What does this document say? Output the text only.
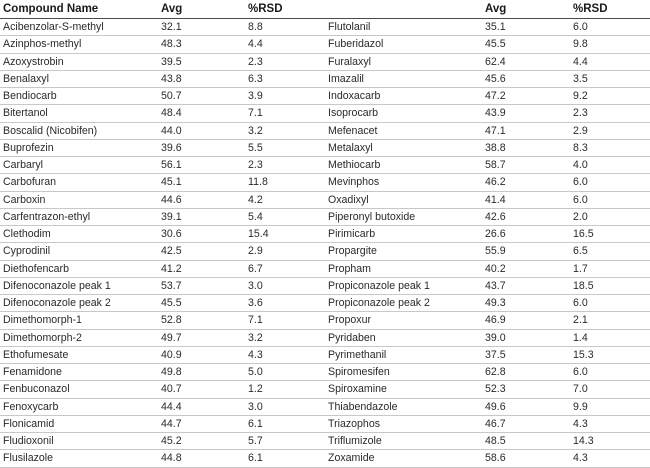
Compound Name	Avg	%RSD		Avg	%RSD
Acibenzolar-S-methyl	32.1	8.8	Flutolanil	35.1	6.0
Azinphos-methyl	48.3	4.4	Fuberidazol	45.5	9.8
Azoxystrobin	39.5	2.3	Furalaxyl	62.4	4.4
Benalaxyl	43.8	6.3	Imazalil	45.6	3.5
Bendiocarb	50.7	3.9	Indoxacarb	47.2	9.2
Bitertanol	48.4	7.1	Isoprocarb	43.9	2.3
Boscalid (Nicobifen)	44.0	3.2	Mefenacet	47.1	2.9
Buprofezin	39.6	5.5	Metalaxyl	38.8	8.3
Carbaryl	56.1	2.3	Methiocarb	58.7	4.0
Carbofuran	45.1	11.8	Mevinphos	46.2	6.0
Carboxin	44.6	4.2	Oxadixyl	41.4	6.0
Carfentrazon-ethyl	39.1	5.4	Piperonyl butoxide	42.6	2.0
Clethodim	30.6	15.4	Pirimicarb	26.6	16.5
Cyprodinil	42.5	2.9	Propargite	55.9	6.5
Diethofencarb	41.2	6.7	Propham	40.2	1.7
Difenoconazole peak 1	53.7	3.0	Propiconazole peak 1	43.7	18.5
Difenoconazole peak 2	45.5	3.6	Propiconazole peak 2	49.3	6.0
Dimethomorph-1	52.8	7.1	Propoxur	46.9	2.1
Dimethomorph-2	49.7	3.2	Pyridaben	39.0	1.4
Ethofumesate	40.9	4.3	Pyrimethanil	37.5	15.3
Fenamidone	49.8	5.0	Spiromesifen	62.8	6.0
Fenbuconazol	40.7	1.2	Spiroxamine	52.3	7.0
Fenoxycarb	44.4	3.0	Thiabendazole	49.6	9.9
Flonicamid	44.7	6.1	Triazophos	46.7	4.3
Fludioxonil	45.2	5.7	Triflumizole	48.5	14.3
Flusilazole	44.8	6.1	Zoxamide	58.6	4.3
